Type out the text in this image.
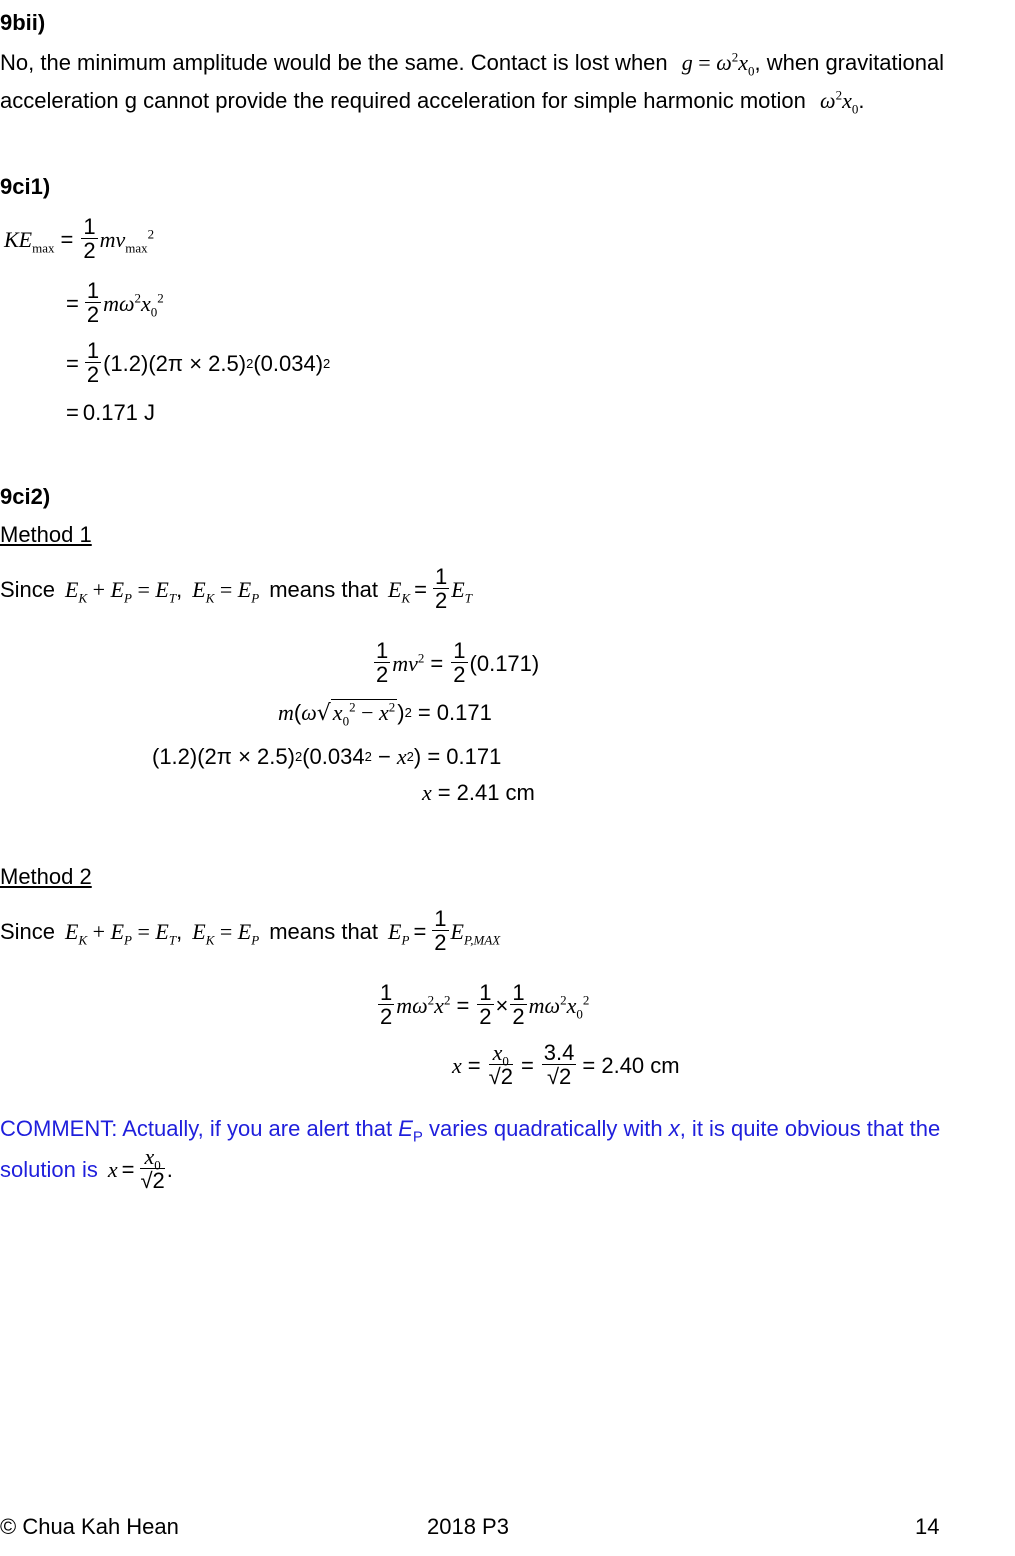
9bii)
No, the minimum amplitude would be the same. Contact is lost when $g = \omega^2x_0$, when gravitational
acceleration g cannot provide the required acceleration for simple harmonic motion $\omega^2x_0$.
9ci1)
$KE_{max} = \frac{1}{2} mv_{max}^2$
= $\frac{1}{2} m\omega^2x_0^2$
= $\frac{1}{2} (1.2)(2\pi \times 2.5)$ 2 (0.034) 2
= 0.171 J
9ci2)
Method 1
Since $E_K + E_P = E_T$ , $E_K = E_P$ means that $E_K = \frac{1}{2} E_T$
$\frac{1}{2} mv^2 = \frac{1}{2} (0.171)$
m ( ω $√x_0^2 - x^2$ ) 2 = 0.171
(1.2)(2π × 2.5) 2 (0.034 2 − x 2 ) = 0.171
x = 2.41 cm
Method 2
Since $E_K + E_P = E_T$ , $E_K = E_P$ means that $E_P = \frac{1}{2} E_{P,MAX}$
$\frac{1}{2} m\omega^2x^2 = \frac{1}{2} \times \frac{1}{2} m\omega^2x_0^2$
$x = \frac{x_0}{√2} = \frac{3.4}{√2} = 2.40$ cm
COMMENT: Actually, if you are alert that $E_P$ varies quadratically with x, it is quite obvious that the
solution is $x = \frac{x_0}{√2}$ .
© Chua Kah Hean	2018 P3	14
